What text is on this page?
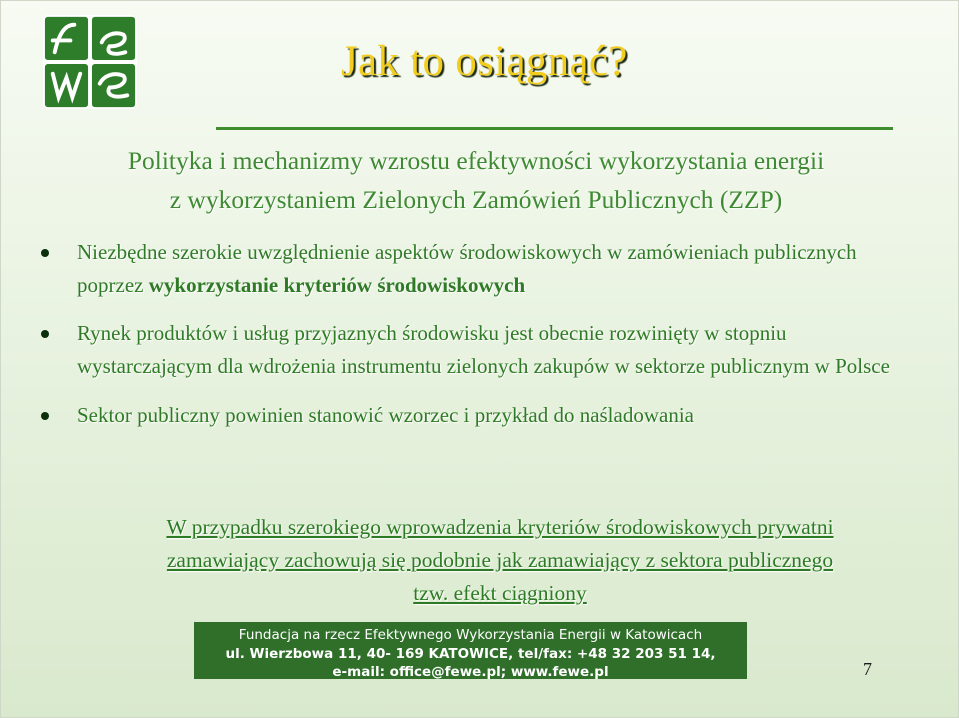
Jak to osiągnąć?
Polityka i mechanizmy wzrostu efektywności wykorzystania energii
z wykorzystaniem Zielonych Zamówień Publicznych (ZZP)
Niezbędne szerokie uwzględnienie aspektów środowiskowych w zamówieniach publicznych poprzez wykorzystanie kryteriów środowiskowych
Rynek produktów i usług przyjaznych środowisku jest obecnie rozwinięty w stopniu wystarczającym dla wdrożenia instrumentu zielonych zakupów w sektorze publicznym w Polsce
Sektor publiczny powinien stanowić wzorzec i przykład do naśladowania
W przypadku szerokiego wprowadzenia kryteriów środowiskowych prywatni
zamawiający zachowują się podobnie jak zamawiający z sektora publicznego
tzw. efekt ciągniony
Fundacja na rzecz Efektywnego Wykorzystania Energii w Katowicach
ul. Wierzbowa 11, 40- 169 KATOWICE, tel/fax: +48 32 203 51 14,
e-mail: office@fewe.pl; www.fewe.pl	7
